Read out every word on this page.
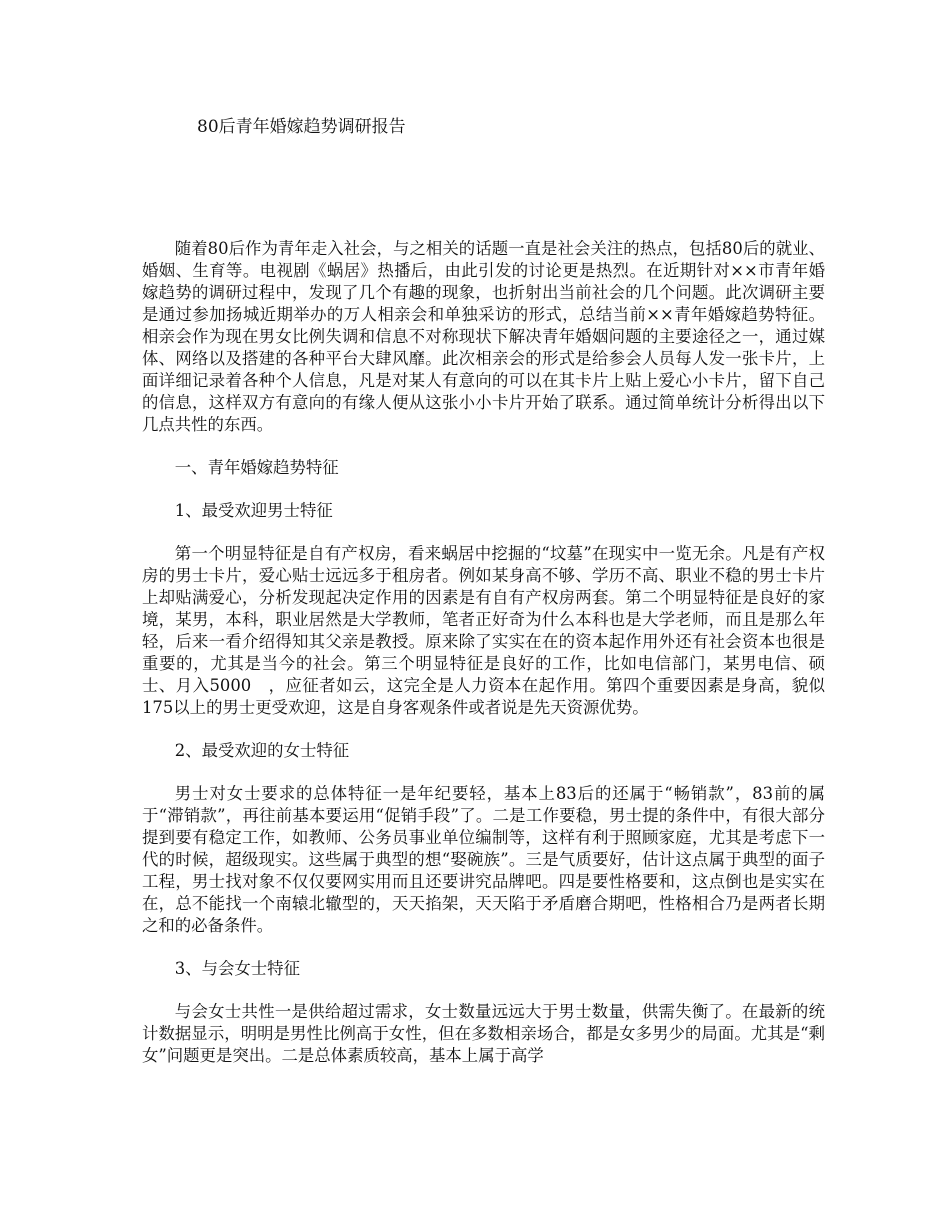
80后青年婚嫁趋势调研报告

随着80后作为青年走入社会，与之相关的话题一直是社会关注的热点，包括80后的就业、婚姻、生育等。电视剧《蜗居》热播后，由此引发的讨论更是热烈。在近期针对××市青年婚嫁趋势的调研过程中，发现了几个有趣的现象，也折射出当前社会的几个问题。此次调研主要是通过参加扬城近期举办的万人相亲会和单独采访的形式，总结当前××青年婚嫁趋势特征。相亲会作为现在男女比例失调和信息不对称现状下解决青年婚姻问题的主要途径之一，通过媒体、网络以及搭建的各种平台大肆风靡。此次相亲会的形式是给参会人员每人发一张卡片，上面详细记录着各种个人信息，凡是对某人有意向的可以在其卡片上贴上爱心小卡片，留下自己的信息，这样双方有意向的有缘人便从这张小小卡片开始了联系。通过简单统计分析得出以下几点共性的东西。

一、青年婚嫁趋势特征

1、最受欢迎男士特征

第一个明显特征是自有产权房，看来蜗居中挖掘的“坟墓”在现实中一览无余。凡是有产权房的男士卡片，爱心贴士远远多于租房者。例如某身高不够、学历不高、职业不稳的男士卡片上却贴满爱心，分析发现起决定作用的因素是有自有产权房两套。第二个明显特征是良好的家境，某男，本科，职业居然是大学教师，笔者正好奇为什么本科也是大学老师，而且是那么年轻，后来一看介绍得知其父亲是教授。原来除了实实在在的资本起作用外还有社会资本也很是重要的，尤其是当今的社会。第三个明显特征是良好的工作，比如电信部门，某男电信、硕士、月入5000　，应征者如云，这完全是人力资本在起作用。第四个重要因素是身高，貌似175以上的男士更受欢迎，这是自身客观条件或者说是先天资源优势。

2、最受欢迎的女士特征

男士对女士要求的总体特征一是年纪要轻，基本上83后的还属于“畅销款”，83前的属于“滞销款”，再往前基本要运用“促销手段”了。二是工作要稳，男士提的条件中，有很大部分提到要有稳定工作，如教师、公务员事业单位编制等，这样有利于照顾家庭，尤其是考虑下一代的时候，超级现实。这些属于典型的想“娶碗族”。三是气质要好，估计这点属于典型的面子工程，男士找对象不仅仅要网实用而且还要讲究品牌吧。四是要性格要和，这点倒也是实实在在，总不能找一个南辕北辙型的，天天掐架，天天陷于矛盾磨合期吧，性格相合乃是两者长期之和的必备条件。

3、与会女士特征

与会女士共性一是供给超过需求，女士数量远远大于男士数量，供需失衡了。在最新的统计数据显示，明明是男性比例高于女性，但在多数相亲场合，都是女多男少的局面。尤其是“剩女”问题更是突出。二是总体素质较高，基本上属于高学
